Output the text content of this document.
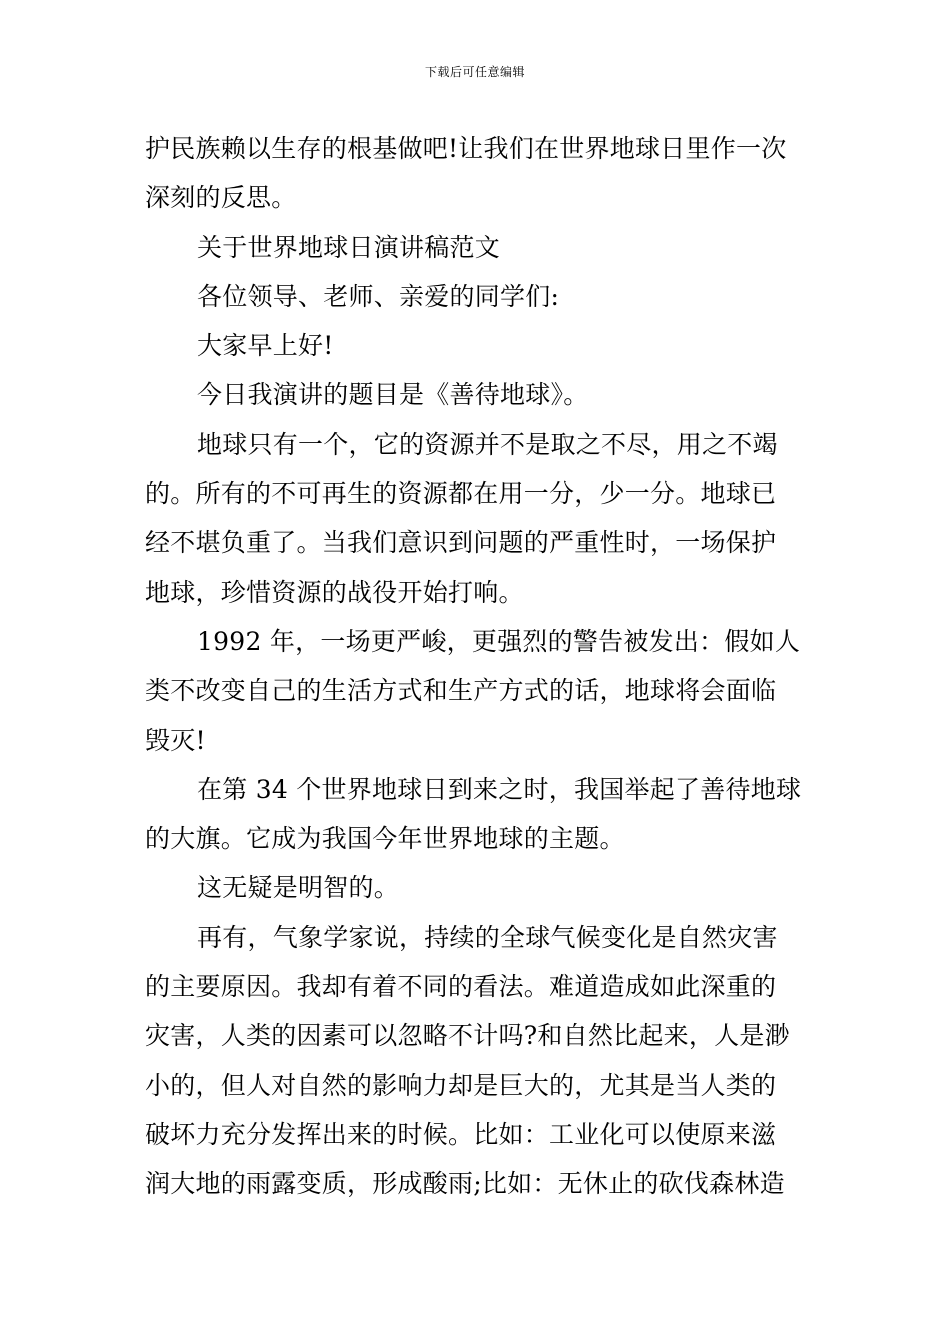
下载后可任意编辑
护民族赖以生存的根基做吧!让我们在世界地球日里作一次
深刻的反思。
关于世界地球日演讲稿范文
各位领导、老师、亲爱的同学们:
大家早上好!
今日我演讲的题目是《善待地球》。
地球只有一个，它的资源并不是取之不尽，用之不竭
的。所有的不可再生的资源都在用一分，少一分。地球已
经不堪负重了。当我们意识到问题的严重性时，一场保护
地球，珍惜资源的战役开始打响。
1992 年，一场更严峻，更强烈的警告被发出：假如人
类不改变自己的生活方式和生产方式的话，地球将会面临
毁灭!
在第 34 个世界地球日到来之时，我国举起了善待地球
的大旗。它成为我国今年世界地球的主题。
这无疑是明智的。
再有，气象学家说，持续的全球气候变化是自然灾害
的主要原因。我却有着不同的看法。难道造成如此深重的
灾害，人类的因素可以忽略不计吗?和自然比起来，人是渺
小的，但人对自然的影响力却是巨大的，尤其是当人类的
破坏力充分发挥出来的时候。比如：工业化可以使原来滋
润大地的雨露变质，形成酸雨;比如：无休止的砍伐森林造
